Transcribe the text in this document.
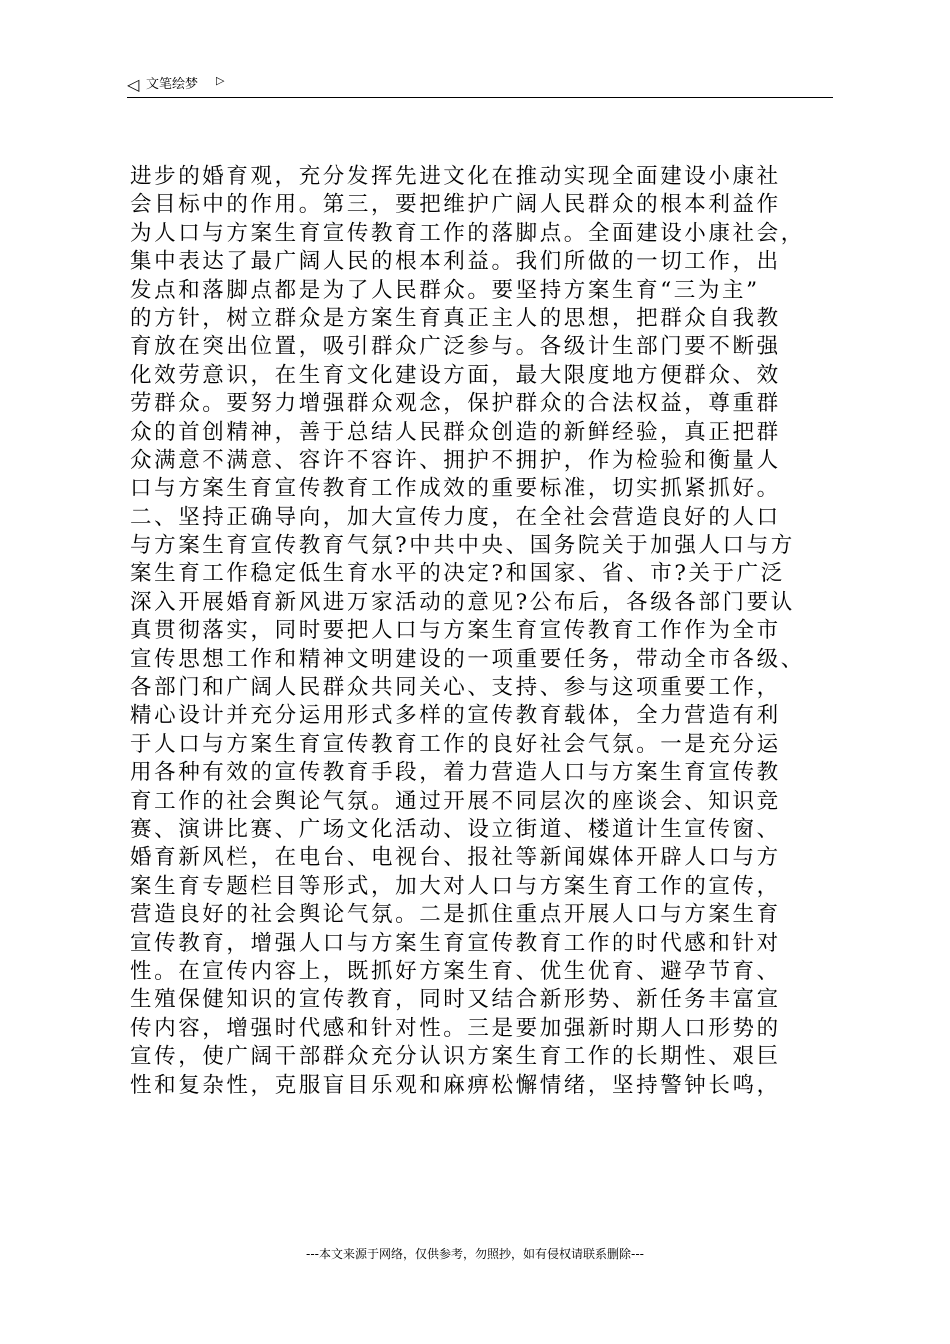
◁ 文笔绘梦 ▷
进步的婚育观，充分发挥先进文化在推动实现全面建设小康社
会目标中的作用。第三，要把维护广阔人民群众的根本利益作
为人口与方案生育宣传教育工作的落脚点。全面建设小康社会，
集中表达了最广阔人民的根本利益。我们所做的一切工作，出
发点和落脚点都是为了人民群众。要坚持方案生育“三为主”
的方针，树立群众是方案生育真正主人的思想，把群众自我教
育放在突出位置，吸引群众广泛参与。各级计生部门要不断强
化效劳意识，在生育文化建设方面，最大限度地方便群众、效
劳群众。要努力增强群众观念，保护群众的合法权益，尊重群
众的首创精神，善于总结人民群众创造的新鲜经验，真正把群
众满意不满意、容许不容许、拥护不拥护，作为检验和衡量人
口与方案生育宣传教育工作成效的重要标准，切实抓紧抓好。
二、坚持正确导向，加大宣传力度，在全社会营造良好的人口
与方案生育宣传教育气氛?中共中央、国务院关于加强人口与方
案生育工作稳定低生育水平的决定?和国家、省、市?关于广泛
深入开展婚育新风进万家活动的意见?公布后，各级各部门要认
真贯彻落实，同时要把人口与方案生育宣传教育工作作为全市
宣传思想工作和精神文明建设的一项重要任务，带动全市各级、
各部门和广阔人民群众共同关心、支持、参与这项重要工作，
精心设计并充分运用形式多样的宣传教育载体，全力营造有利
于人口与方案生育宣传教育工作的良好社会气氛。一是充分运
用各种有效的宣传教育手段，着力营造人口与方案生育宣传教
育工作的社会舆论气氛。通过开展不同层次的座谈会、知识竞
赛、演讲比赛、广场文化活动、设立街道、楼道计生宣传窗、
婚育新风栏，在电台、电视台、报社等新闻媒体开辟人口与方
案生育专题栏目等形式，加大对人口与方案生育工作的宣传，
营造良好的社会舆论气氛。二是抓住重点开展人口与方案生育
宣传教育，增强人口与方案生育宣传教育工作的时代感和针对
性。在宣传内容上，既抓好方案生育、优生优育、避孕节育、
生殖保健知识的宣传教育，同时又结合新形势、新任务丰富宣
传内容，增强时代感和针对性。三是要加强新时期人口形势的
宣传，使广阔干部群众充分认识方案生育工作的长期性、艰巨
性和复杂性，克服盲目乐观和麻痹松懈情绪，坚持警钟长鸣，
---本文来源于网络，仅供参考，勿照抄，如有侵权请联系删除---
